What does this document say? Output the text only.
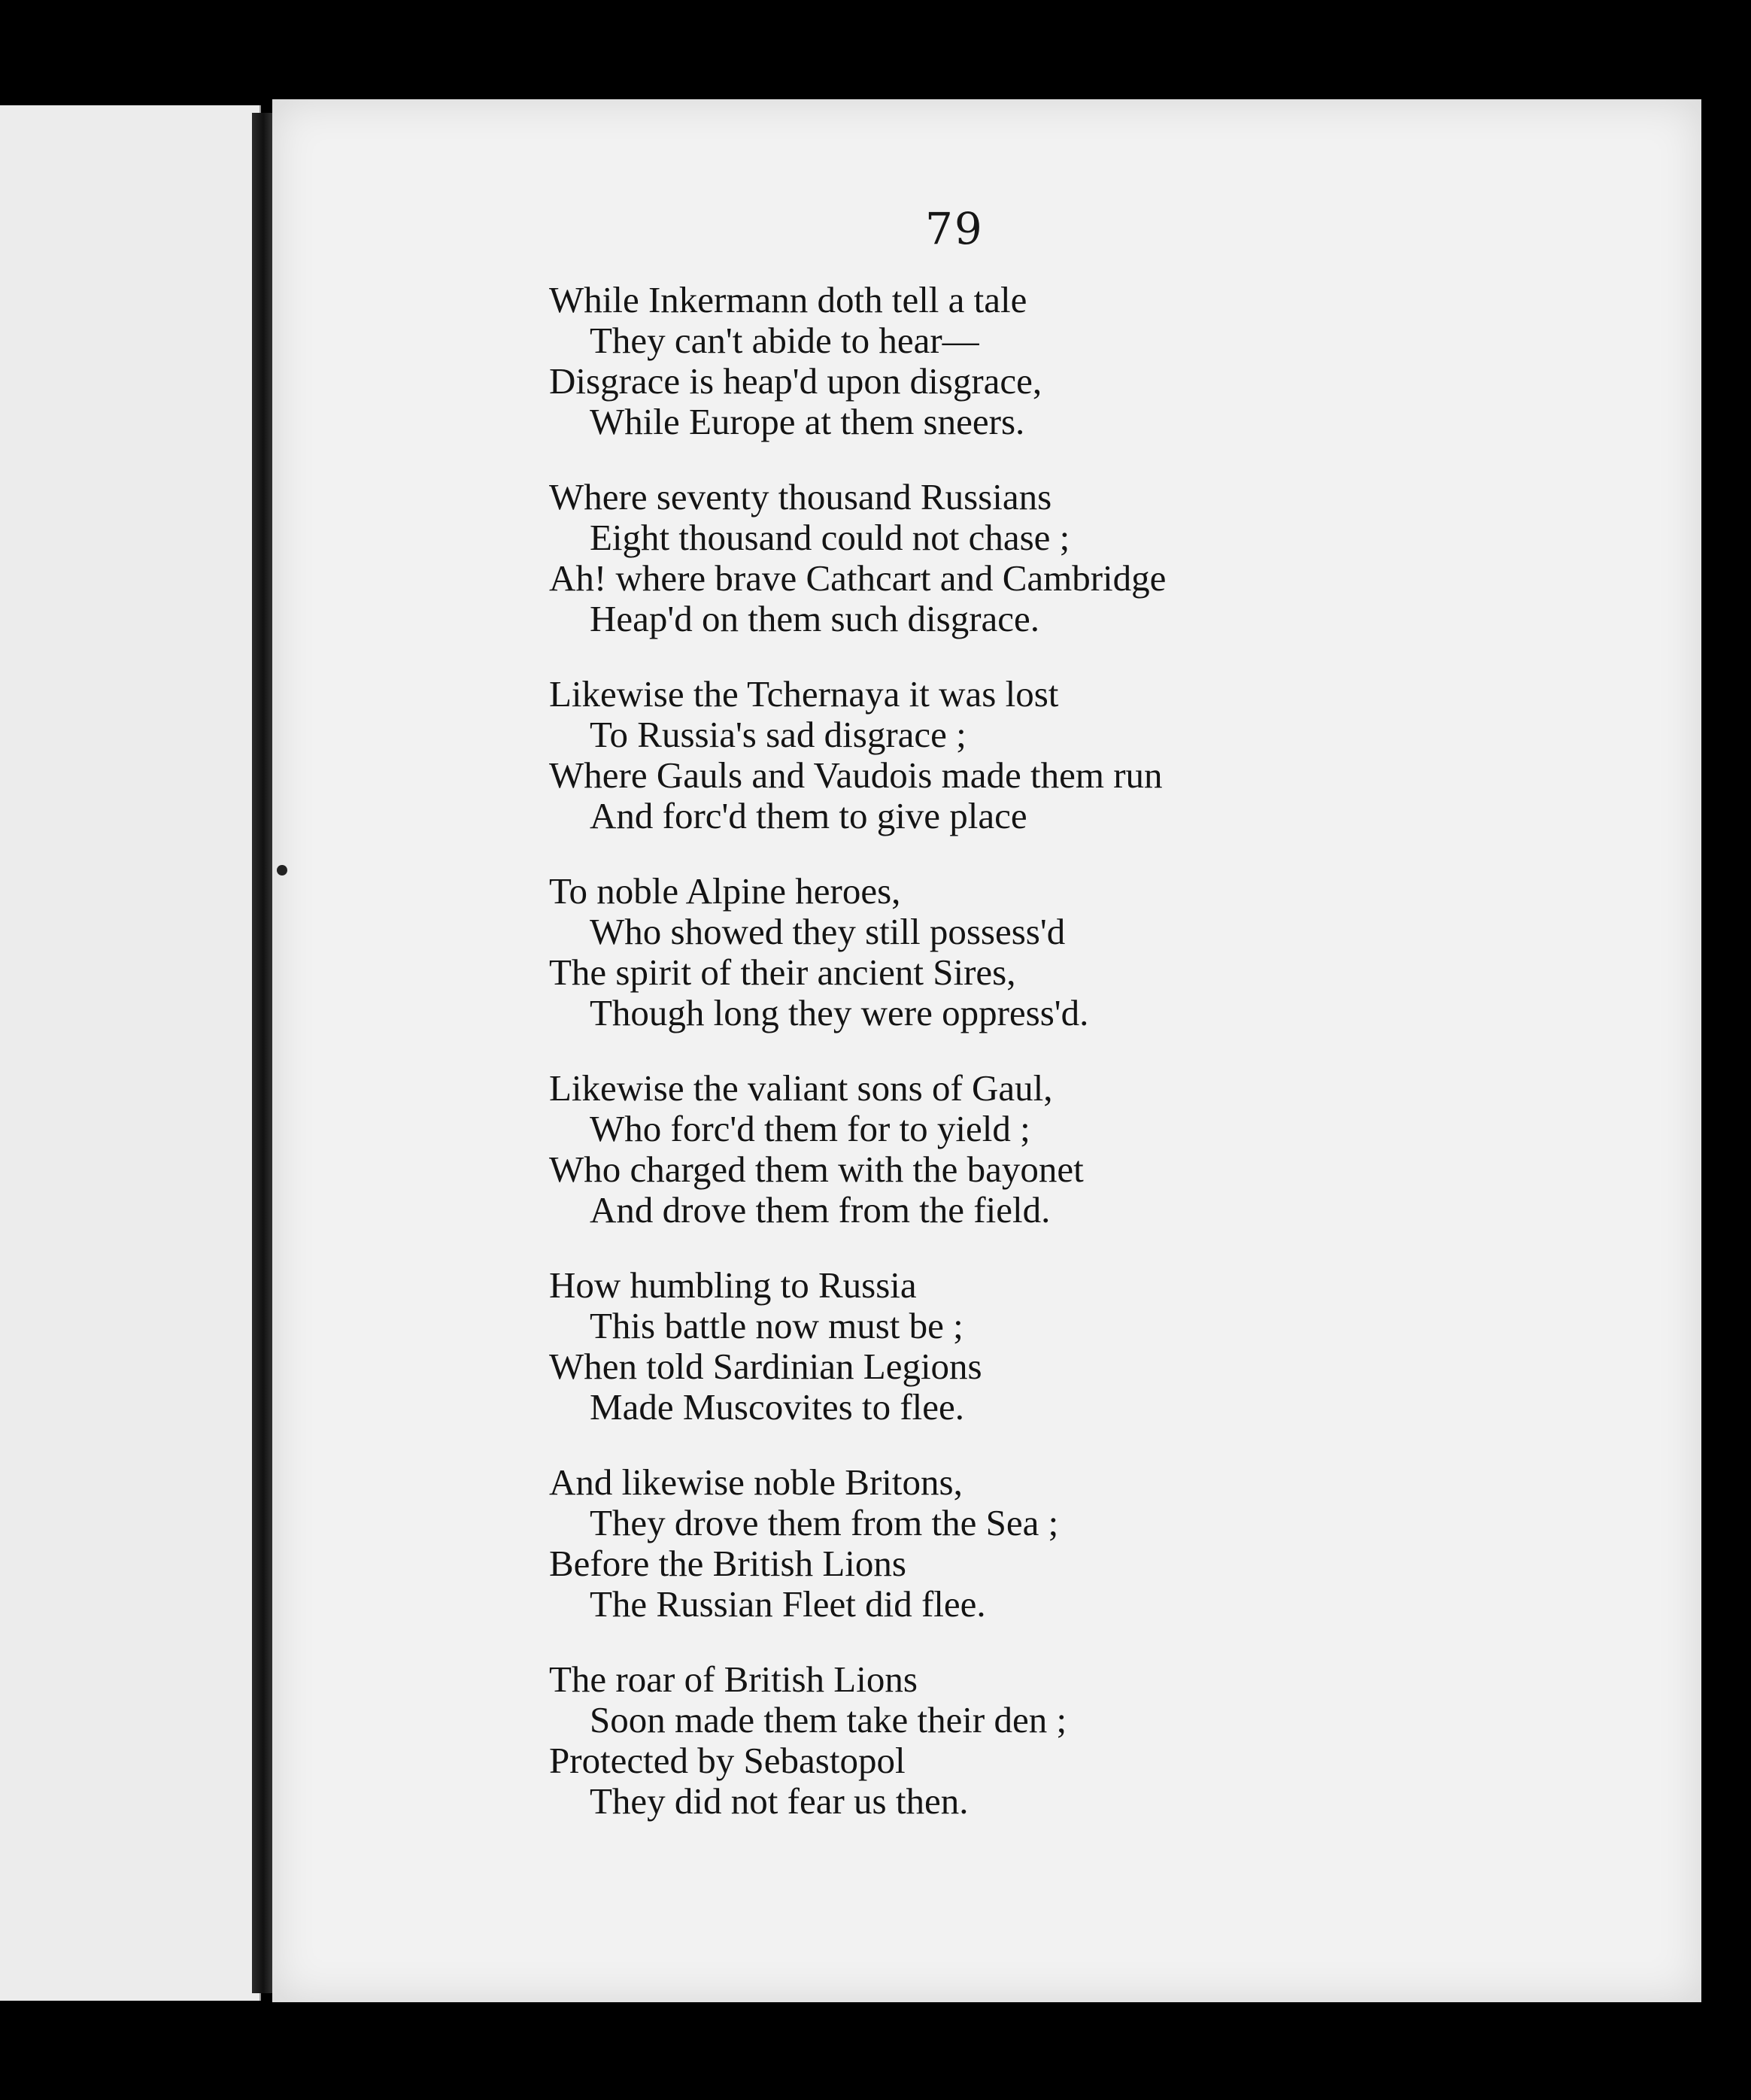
79
While Inkermann doth tell a tale
They can't abide to hear—
Disgrace is heap'd upon disgrace,
While Europe at them sneers.
Where seventy thousand Russians
Eight thousand could not chase ;
Ah! where brave Cathcart and Cambridge
Heap'd on them such disgrace.
Likewise the Tchernaya it was lost
To Russia's sad disgrace ;
Where Gauls and Vaudois made them run
And forc'd them to give place
To noble Alpine heroes,
Who showed they still possess'd
The spirit of their ancient Sires,
Though long they were oppress'd.
Likewise the valiant sons of Gaul,
Who forc'd them for to yield ;
Who charged them with the bayonet
And drove them from the field.
How humbling to Russia
This battle now must be ;
When told Sardinian Legions
Made Muscovites to flee.
And likewise noble Britons,
They drove them from the Sea ;
Before the British Lions
The Russian Fleet did flee.
The roar of British Lions
Soon made them take their den ;
Protected by Sebastopol
They did not fear us then.
